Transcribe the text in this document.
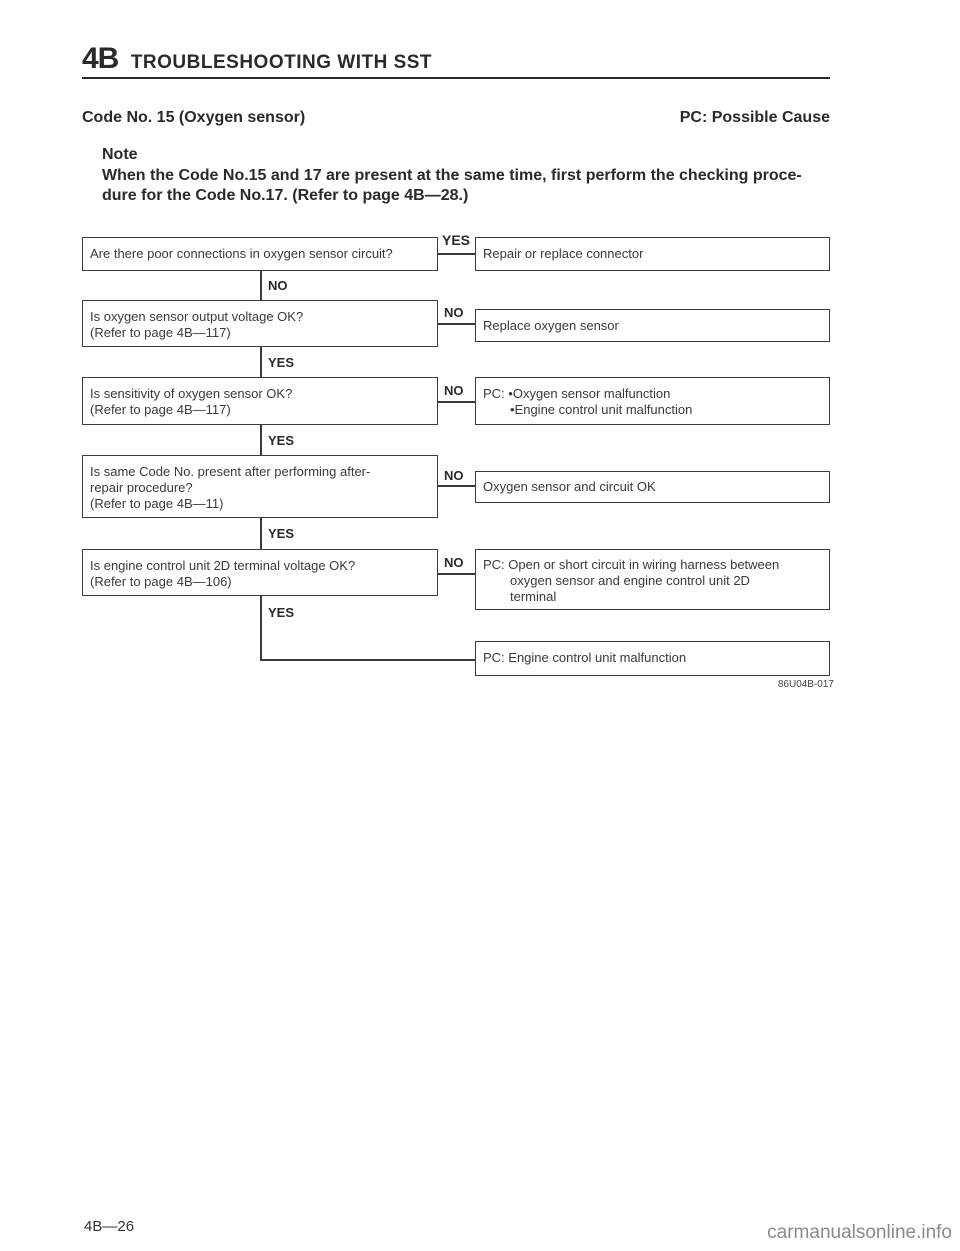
4B TROUBLESHOOTING WITH SST
Code No. 15 (Oxygen sensor)	PC: Possible Cause
Note
When the Code No.15 and 17 are present at the same time, first perform the checking proce- dure for the Code No.17. (Refer to page 4B—28.)
Are there poor connections in oxygen sensor circuit?
YES
Repair or replace connector
NO
Is oxygen sensor output voltage OK?
(Refer to page 4B—117)
NO
Replace oxygen sensor
YES
Is sensitivity of oxygen sensor OK?
(Refer to page 4B—117)
NO PC: •Oxygen sensor malfunction
•Engine control unit malfunction
YES
Is same Code No. present after performing after-
repair procedure?
(Refer to page 4B—11)
NO
Oxygen sensor and circuit OK
YES
Is engine control unit 2D terminal voltage OK?
(Refer to page 4B—106)
NO PC: Open or short circuit in wiring harness between
oxygen sensor and engine control unit 2D
terminal
YES
PC: Engine control unit malfunction
86U04B-017
4B—26	carmanualsonline.info
